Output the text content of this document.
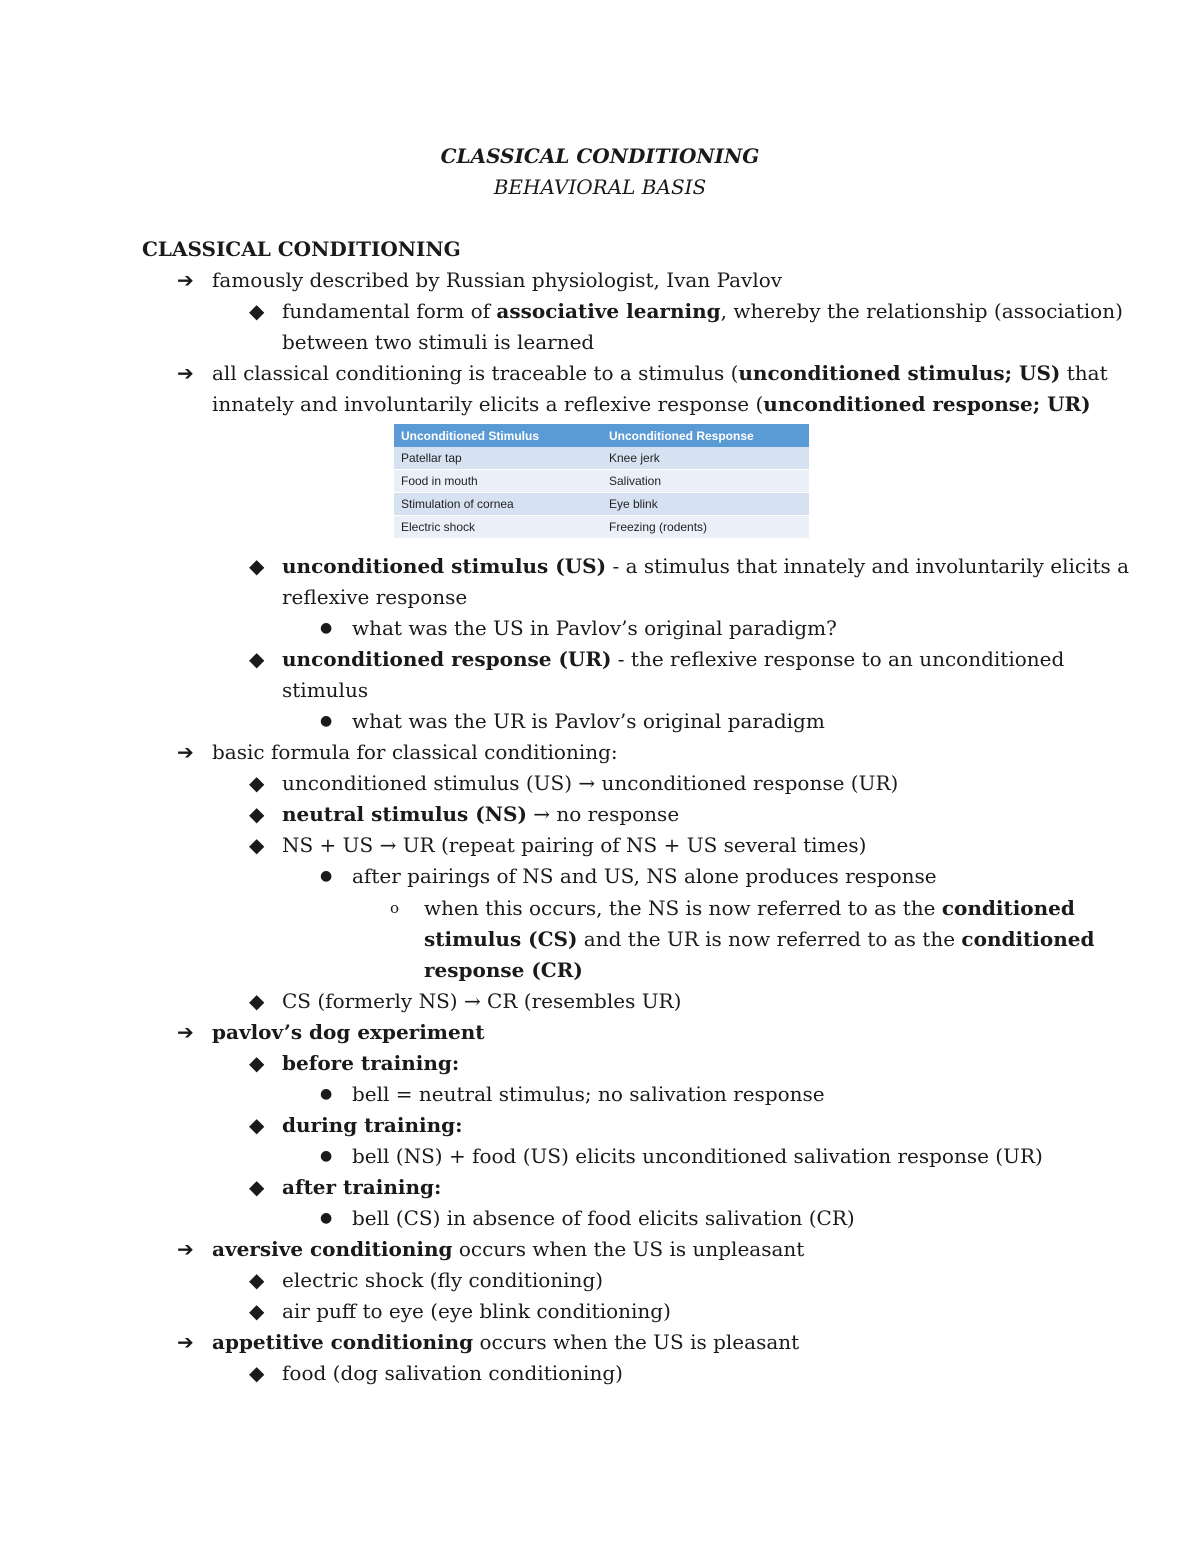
CLASSICAL CONDITIONING
BEHAVIORAL BASIS
CLASSICAL CONDITIONING
➔ famously described by Russian physiologist, Ivan Pavlov

◆ fundamental form of associative learning, whereby the relationship (association)

between two stimuli is learned

➔ all classical conditioning is traceable to a stimulus (unconditioned stimulus; US) that

innately and involuntarily elicits a reflexive response (unconditioned response; UR)

Unconditioned Stimulus	Unconditioned Response
Patellar tap	Knee jerk
Food in mouth	Salivation
Stimulation of cornea	Eye blink
Electric shock	Freezing (rodents)
◆ unconditioned stimulus (US) - a stimulus that innately and involuntarily elicits a

reflexive response

● what was the US in Pavlov’s original paradigm?

◆ unconditioned response (UR) - the reflexive response to an unconditioned

stimulus

● what was the UR is Pavlov’s original paradigm

➔ basic formula for classical conditioning:

◆ unconditioned stimulus (US) → unconditioned response (UR)

◆ neutral stimulus (NS) → no response

◆ NS + US → UR (repeat pairing of NS + US several times)

● after pairings of NS and US, NS alone produces response

o when this occurs, the NS is now referred to as the conditioned

stimulus (CS) and the UR is now referred to as the conditioned

response (CR)

◆ CS (formerly NS) → CR (resembles UR)

➔ pavlov’s dog experiment

◆ before training:

● bell = neutral stimulus; no salivation response

◆ during training:

● bell (NS) + food (US) elicits unconditioned salivation response (UR)

◆ after training:

● bell (CS) in absence of food elicits salivation (CR)

➔ aversive conditioning occurs when the US is unpleasant

◆ electric shock (fly conditioning)

◆ air puff to eye (eye blink conditioning)

➔ appetitive conditioning occurs when the US is pleasant

◆ food (dog salivation conditioning)
